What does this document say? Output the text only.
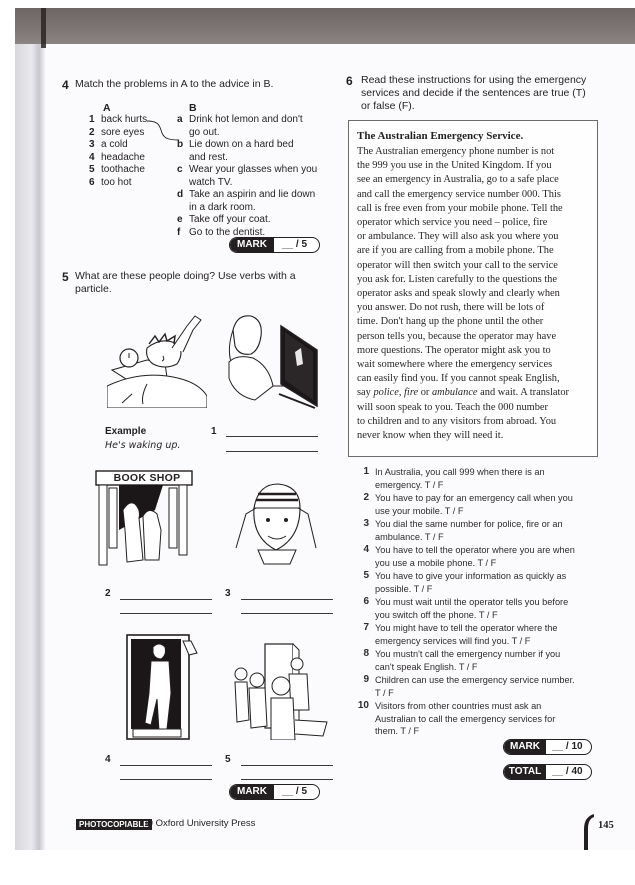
4 Match the problems in A to the advice in B.
A	B
1 back hurts
2 sore eyes
3 a cold
4 headache
5 toothache
6 too hot
a Drink hot lemon and don't
go out.
b Lie down on a hard bed
and rest.
c Wear your glasses when you
watch TV.
d Take an aspirin and lie down
in a dark room.
e Take off your coat.
f Go to the dentist.
MARK	__ / 5
5 What are these people doing? Use verbs with a
particle.
Example
He's waking up.
1
BOOK SHOP
2	3
4	5
MARK	__ / 5
6 Read these instructions for using the emergency
services and decide if the sentences are true (T)
or false (F).
The Australian Emergency Service.
The Australian emergency phone number is not
the 999 you use in the United Kingdom. If you
see an emergency in Australia, go to a safe place
and call the emergency service number 000. This
call is free even from your mobile phone. Tell the
operator which service you need – police, fire
or ambulance. They will also ask you where you
are if you are calling from a mobile phone. The
operator will then switch your call to the service
you ask for. Listen carefully to the questions the
operator asks and speak slowly and clearly when
you answer. Do not rush, there will be lots of
time. Don't hang up the phone until the other
person tells you, because the operator may have
more questions. The operator might ask you to
wait somewhere where the emergency services
can easily find you. If you cannot speak English,
say police, fire or ambulance and wait. A translator
will soon speak to you. Teach the 000 number
to children and to any visitors from abroad. You
never know when they will need it.
1 In Australia, you call 999 when there is an
emergency. T / F
2 You have to pay for an emergency call when you
use your mobile. T / F
3 You dial the same number for police, fire or an
ambulance. T / F
4 You have to tell the operator where you are when
you use a mobile phone. T / F
5 You have to give your information as quickly as
possible. T / F
6 You must wait until the operator tells you before
you switch off the phone. T / F
7 You might have to tell the operator where the
emergency services will find you. T / F
8 You mustn't call the emergency number if you
can't speak English. T / F
9 Children can use the emergency service number.
T / F
10 Visitors from other countries must ask an
Australian to call the emergency services for
them. T / F
MARK	__ / 10
TOTAL	__ / 40
PHOTOCOPIABLE
© Oxford University Press	145
